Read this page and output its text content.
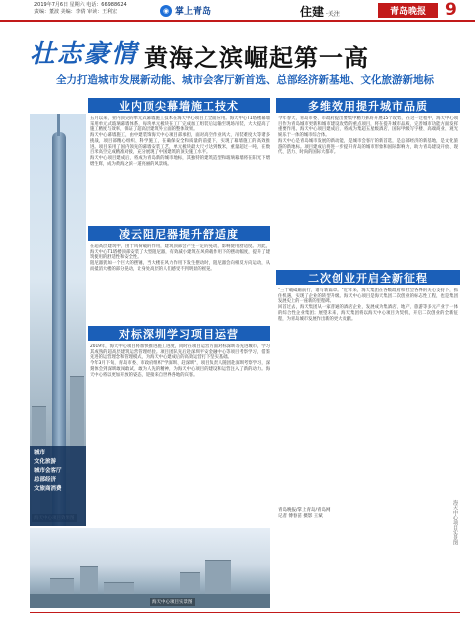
2019年7月6日 星期六 电话：66988624
责编：董波 美编：李倩 审读：王利宏	◉ 掌上青岛	住建 ·关注	青岛晚报	9
壮志豪情 黄海之滨崛起第一高
全力打造城市发展新动能、城市会客厅新首选、总部经济新基地、文化旅游新地标
业内顶尖幕墙施工技术
城市
文化旅游
城市会客厅
总部经济
文旅商消费

五月以来，业内顶尖的单元式幕墙施工技术在海天中心项目上全面应用。海天中心T1塔楼幕墙采用单元式玻璃幕墙体系，每块单元板块在工厂完成加工组装后运输至现场吊装，大大提高了施工精度与效率，保证了超高层建筑外立面的整体效果。

海天中心幕墙施工，由中建装饰海天中心项目部承担，面对高空作业风大、吊装难度大等诸多挑战，项目部精心组织、科学施工，在确保安全和质量的前提下，实现了幕墙施工的高效推进。项目采用了国内领先的幕墙安装工艺，单元板块最大尺寸达到数米，重量超过一吨，在数百米高空完成精准对接，充分展现了中国建筑的顶尖施工水平。

海天中心项目建成后，将成为青岛新的城市地标，其独特的建筑造型和玻璃幕墙将在阳光下熠熠生辉，成为黄海之滨一道亮丽的风景线。

凌云阻尼器提升舒适度

在超高层建筑中，由于风荷载的作用，建筑顶部会产生一定的晃动，影响使用舒适度。为此，海天中心T1塔楼顶部安装了大型阻尼器，有效减小建筑在风荷载作用下的摆动幅度，提升了建筑使用的舒适性和安全性。

阻尼器犹如一个巨大的摆锤，当大楼在风力作用下发生摆动时，阻尼器会向相反方向运动，从而抵消大楼的部分晃动，让身处高层的人们感受不到明显的摇晃。

对标深圳学习项目运营

2019年，海天中心项目将加快推进施工进度，同时在项目运营方面对标深圳等先进城市，学习其成熟的超高层建筑运营管理经验。项目团队先后赴深圳平安金融中心等项目考察学习，借鉴先进的运营理念和管理模式，为海天中心建成后的高效运营打下坚实基础。

今年3月下旬，青岛市委、市政府组织"学深圳、赶深圳"，项目负责人随团赴深圳考察学习，深刻体会到深圳敢闯敢试、敢为人先的精神，为海天中心项目的建设和运营注入了新的动力。海天中心将以更加开放的姿态，迎接来自世界各地的宾客。

海天中心项目实景图
多维效用提升城市品质

今年春天，青岛市委、市政府提出要集中精力抓好开展15个攻势，在这一过程中，海天中心项目作为青岛城市更新和城市建设攻势的重点项目，将在提升城市品质、完善城市功能方面发挥重要作用。海天中心项目建成后，将成为集超五星级酒店、国际甲级写字楼、高端商业、观光娱乐于一体的城市综合体。

海天中心是青岛城市发展的新动能，是城市会客厅的新首选，是总部经济的新基地，是文化旅游的新地标。项目建成后将进一步提升青岛的城市形象和国际影响力，助力青岛建设开放、现代、活力、时尚的国际大都市。

二次创业开启全新征程

"三十载砥砺前行，谱写新篇章。"近年来，海天集团在各级政府和社会各界的关心支持下，抓住机遇，实现了企业的转型升级。海天中心项目是海天集团二次创业的标志性工程，也是集团发展史上的一座新的里程碑。

回首过去，海天集团从一家普通的酒店企业，发展成为集酒店、地产、旅游等多元产业于一体的综合性企业集团；展望未来，海天集团将以海天中心项目为契机，开启二次创业的全新征程，为青岛城市发展作出新的更大贡献。

青岛晚报/掌上青岛/青岛网
记者 傅春苗 摄影 王斌	海天中心项目实景图
